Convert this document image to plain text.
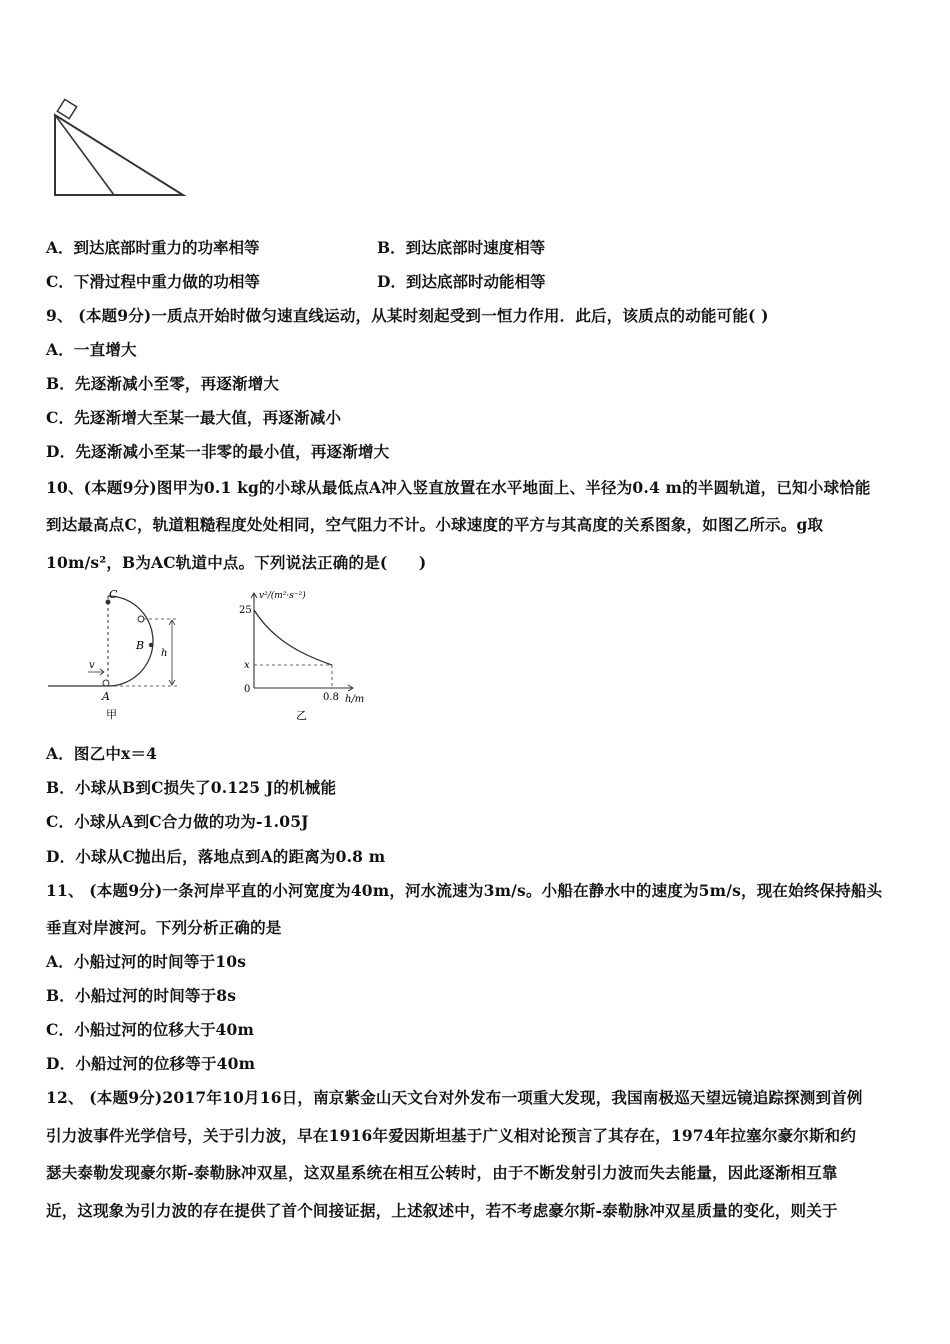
A．到达底部时重力的功率相等	B．到达底部时速度相等
C．下滑过程中重力做的功相等	D．到达底部时动能相等
9、 (本题9分)一质点开始时做匀速直线运动，从某时刻起受到一恒力作用．此后，该质点的动能可能( )
A．一直增大
B．先逐渐减小至零，再逐渐增大
C．先逐渐增大至某一最大值，再逐渐减小
D．先逐渐减小至某一非零的最小值，再逐渐增大
10、(本题9分)图甲为0.1 kg的小球从最低点A冲入竖直放置在水平地面上、半径为0.4 m的半圆轨道，已知小球恰能
到达最高点C，轨道粗糙程度处处相同，空气阻力不计。小球速度的平方与其高度的关系图象，如图乙所示。g取
10m/s²，B为AC轨道中点。下列说法正确的是(　　)
C
B
A
v
h
甲
v²/(m²·s⁻²)
25
x
0
0.8 h/m
乙
A．图乙中x＝4
B．小球从B到C损失了0.125 J的机械能
C．小球从A到C合力做的功为-1.05J
D．小球从C抛出后，落地点到A的距离为0.8 m
11、 (本题9分)一条河岸平直的小河宽度为40m，河水流速为3m/s。小船在静水中的速度为5m/s，现在始终保持船头
垂直对岸渡河。下列分析正确的是
A．小船过河的时间等于10s
B．小船过河的时间等于8s
C．小船过河的位移大于40m
D．小船过河的位移等于40m
12、 (本题9分)2017年10月16日，南京紫金山天文台对外发布一项重大发现，我国南极巡天望远镜追踪探测到首例
引力波事件光学信号，关于引力波，早在1916年爱因斯坦基于广义相对论预言了其存在，1974年拉塞尔豪尔斯和约
瑟夫泰勒发现豪尔斯-泰勒脉冲双星，这双星系统在相互公转时，由于不断发射引力波而失去能量，因此逐渐相互靠
近，这现象为引力波的存在提供了首个间接证据，上述叙述中，若不考虑豪尔斯-泰勒脉冲双星质量的变化，则关于
